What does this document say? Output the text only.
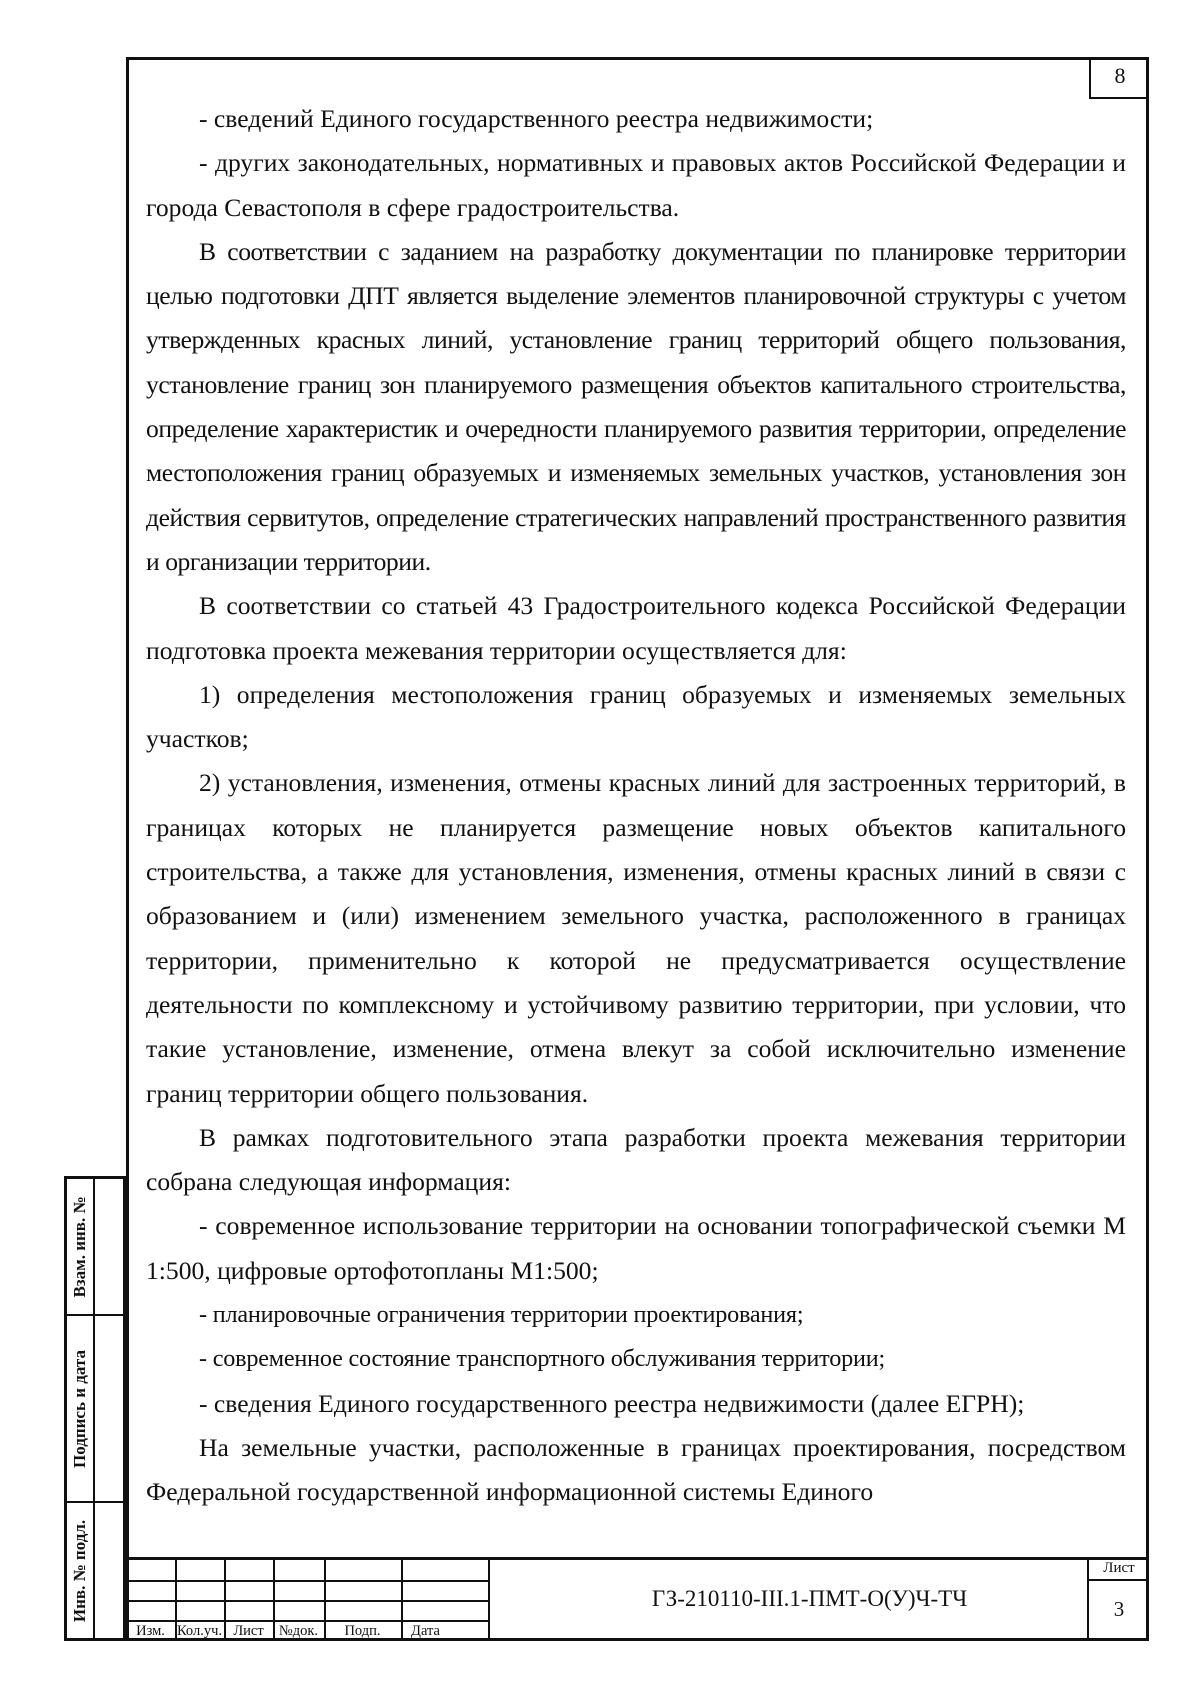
8

- сведений Единого государственного реестра недвижимости;

- других законодательных, нормативных и правовых актов Российской Федерации и города Севастополя в сфере градостроительства.

В соответствии с заданием на разработку документации по планировке территории целью подготовки ДПТ является выделение элементов планировочной структуры с учетом утвержденных красных линий, установление границ территорий общего пользования, установление границ зон планируемого размещения объектов капитального строительства, определение характеристик и очередности планируемого развития территории, определение местоположения границ образуемых и изменяемых земельных участков, установления зон действия сервитутов, определение стратегических направлений пространственного развития и организации территории.

В соответствии со статьей 43 Градостроительного кодекса Российской Федерации подготовка проекта межевания территории осуществляется для:

1) определения местоположения границ образуемых и изменяемых земельных участков;

2) установления, изменения, отмены красных линий для застроенных территорий, в границах которых не планируется размещение новых объектов капитального строительства, а также для установления, изменения, отмены красных линий в связи с образованием и (или) изменением земельного участка, расположенного в границах территории, применительно к которой не предусматривается осуществление деятельности по комплексному и устойчивому развитию территории, при условии, что такие установление, изменение, отмена влекут за собой исключительно изменение границ территории общего пользования.

В рамках подготовительного этапа разработки проекта межевания территории собрана следующая информация:

- современное использование территории на основании топографической съемки М 1:500, цифровые ортофотопланы М1:500;

- планировочные ограничения территории проектирования;

- современное состояние транспортного обслуживания территории;

- сведения Единого государственного реестра недвижимости (далее ЕГРН);

На земельные участки, расположенные в границах проектирования, посредством Федеральной государственной информационной системы Единого

Взам. инв. №
Подпись и дата
Инв. № подл.
Изм. Кол.уч. Лист	№док.	Подп.	Дата
ГЗ-210110-III.1-ПМТ-О(У)Ч-ТЧ
Лист
3
